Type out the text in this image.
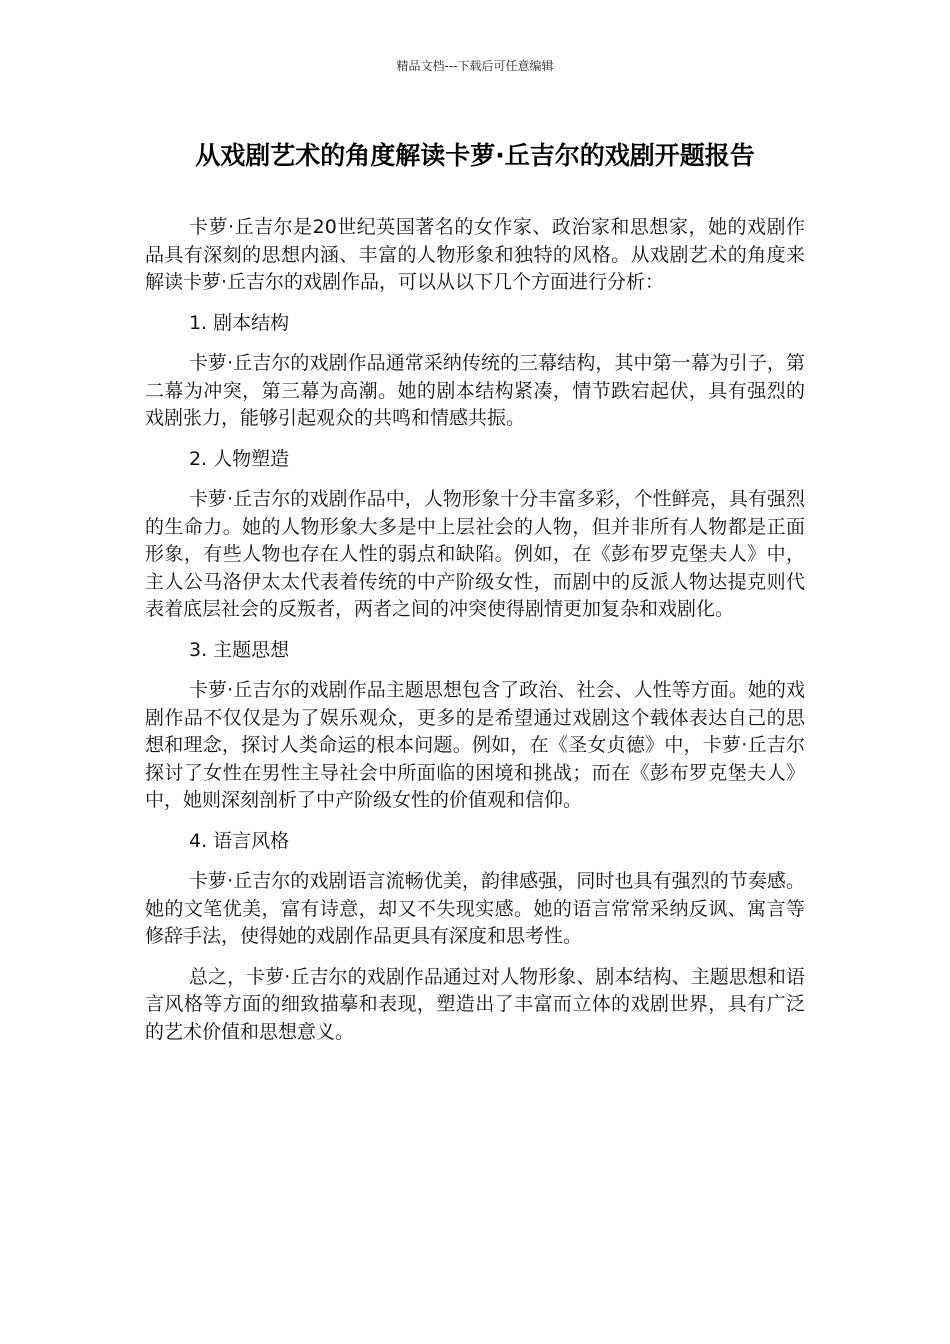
精品文档---下载后可任意编辑
从戏剧艺术的角度解读卡萝·丘吉尔的戏剧开题报告

卡萝·丘吉尔是20世纪英国著名的女作家、政治家和思想家，她的戏剧作品具有深刻的思想内涵、丰富的人物形象和独特的风格。从戏剧艺术的角度来解读卡萝·丘吉尔的戏剧作品，可以从以下几个方面进行分析：

1. 剧本结构

卡萝·丘吉尔的戏剧作品通常采纳传统的三幕结构，其中第一幕为引子，第二幕为冲突，第三幕为高潮。她的剧本结构紧凑，情节跌宕起伏，具有强烈的戏剧张力，能够引起观众的共鸣和情感共振。

2. 人物塑造

卡萝·丘吉尔的戏剧作品中，人物形象十分丰富多彩，个性鲜亮，具有强烈的生命力。她的人物形象大多是中上层社会的人物，但并非所有人物都是正面形象，有些人物也存在人性的弱点和缺陷。例如，在《彭布罗克堡夫人》中，主人公马洛伊太太代表着传统的中产阶级女性，而剧中的反派人物达提克则代表着底层社会的反叛者，两者之间的冲突使得剧情更加复杂和戏剧化。

3. 主题思想

卡萝·丘吉尔的戏剧作品主题思想包含了政治、社会、人性等方面。她的戏剧作品不仅仅是为了娱乐观众，更多的是希望通过戏剧这个载体表达自己的思想和理念，探讨人类命运的根本问题。例如，在《圣女贞德》中，卡萝·丘吉尔探讨了女性在男性主导社会中所面临的困境和挑战；而在《彭布罗克堡夫人》中，她则深刻剖析了中产阶级女性的价值观和信仰。

4. 语言风格

卡萝·丘吉尔的戏剧语言流畅优美，韵律感强，同时也具有强烈的节奏感。她的文笔优美，富有诗意，却又不失现实感。她的语言常常采纳反讽、寓言等修辞手法，使得她的戏剧作品更具有深度和思考性。

总之，卡萝·丘吉尔的戏剧作品通过对人物形象、剧本结构、主题思想和语言风格等方面的细致描摹和表现，塑造出了丰富而立体的戏剧世界，具有广泛的艺术价值和思想意义。
